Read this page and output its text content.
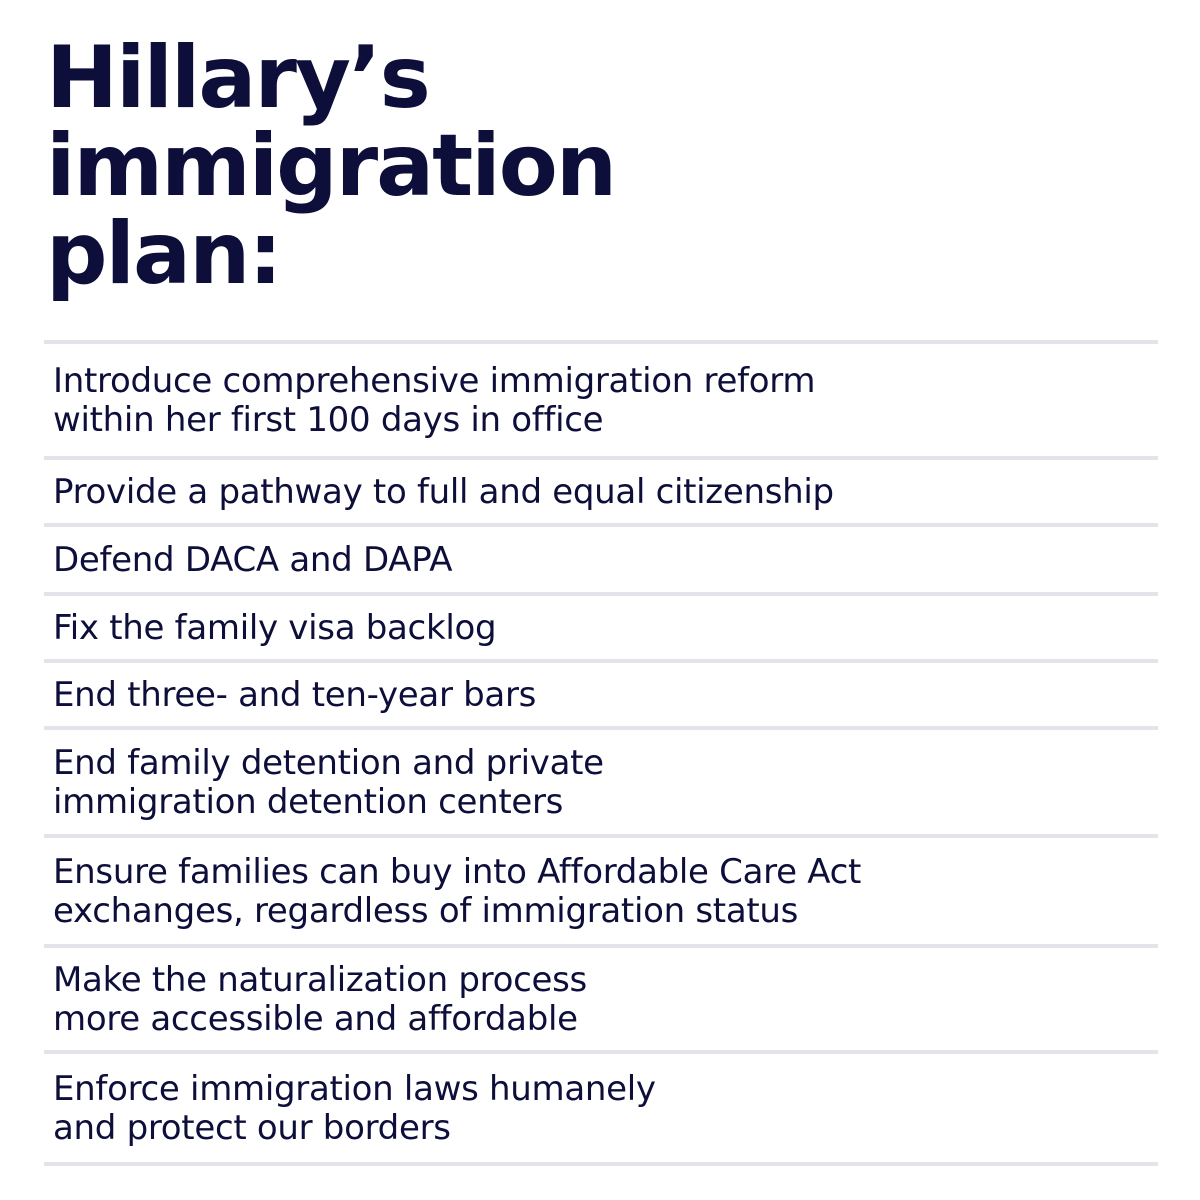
Hillary’s
immigration
plan:
Introduce comprehensive immigration reform
within her first 100 days in office
Provide a pathway to full and equal citizenship
Defend DACA and DAPA
Fix the family visa backlog
End three- and ten-year bars
End family detention and private
immigration detention centers
Ensure families can buy into Affordable Care Act
exchanges, regardless of immigration status
Make the naturalization process
more accessible and affordable
Enforce immigration laws humanely
and protect our borders
